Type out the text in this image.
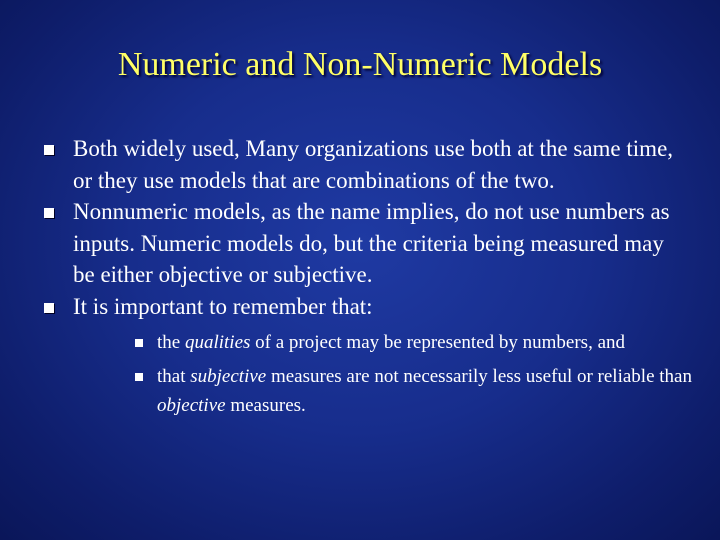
Numeric and Non-Numeric Models
Both widely used, Many organizations use both at the same time, or they use models that are combinations of the two.
Nonnumeric models, as the name implies, do not use numbers as inputs. Numeric models do, but the criteria being measured may be either objective or subjective.
It is important to remember that:
the qualities of a project may be represented by numbers, and
that subjective measures are not necessarily less useful or reliable than objective measures.
